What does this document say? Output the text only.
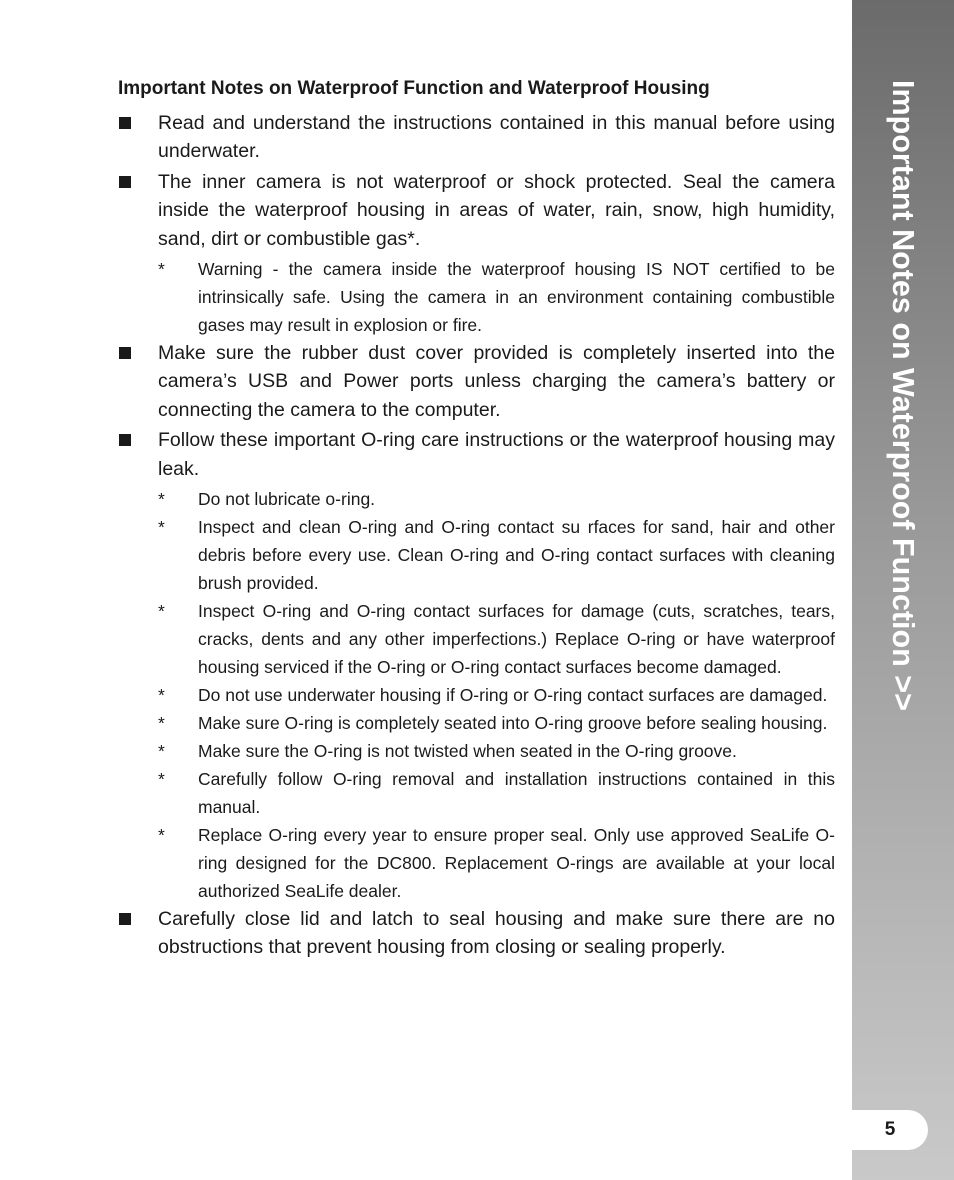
Important Notes on Waterproof Function and Waterproof Housing
Read and understand the instructions contained in this manual before using underwater.
The inner camera is not waterproof or shock protected. Seal the camera inside the waterproof housing in areas of water, rain, snow, high humidity, sand, dirt or combustible gas*.
* Warning - the camera inside the waterproof housing IS NOT certified to be intrinsically safe. Using the camera in an environment containing combustible gases may result in explosion or fire.
Make sure the rubber dust cover provided is completely inserted into the camera’s USB and Power ports unless charging the camera’s battery or connecting the camera to the computer.
Follow these important O-ring care instructions or the waterproof housing may leak.
* Do not lubricate o-ring.
* Inspect and clean O-ring and O-ring contact su rfaces for sand, hair and other debris before every use. Clean O-ring and O-ring contact surfaces with cleaning brush provided.
* Inspect O-ring and O-ring contact surfaces for damage (cuts, scratches, tears, cracks, dents and any other imperfections.) Replace O-ring or have waterproof housing serviced if the O-ring or O-ring contact surfaces become damaged.
* Do not use underwater housing if O-ring or O-ring contact surfaces are damaged.
* Make sure O-ring is completely seated into O-ring groove before sealing housing.
* Make sure the O-ring is not twisted when seated in the O-ring groove.
* Carefully follow O-ring removal and installation instructions contained in this manual.
* Replace O-ring every year to ensure proper seal. Only use approved SeaLife O-ring designed for the DC800. Replacement O-rings are available at your local authorized SeaLife dealer.
Carefully close lid and latch to seal housing and make sure there are no obstructions that prevent housing from closing or sealing properly.
Important Notes on Waterproof Function >>
5
